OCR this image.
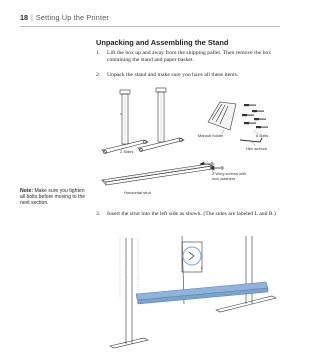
18 | Setting Up the Printer
Unpacking and Assembling the Stand
1. Lift the box up and away from the shipping pallet. Then remove the box containing the stand and paper basket.
2. Unpack the stand and make sure you have all these items.
Manual holder	6 Bolts
Hex wrench
2 Sides
2 Wing screws with
lock washers
Horizontal strut
Note: Make sure you tighten all bolts before moving to the next section.
3. Insert the strut into the left side as shown. (The sides are labeled L and R.)
L
